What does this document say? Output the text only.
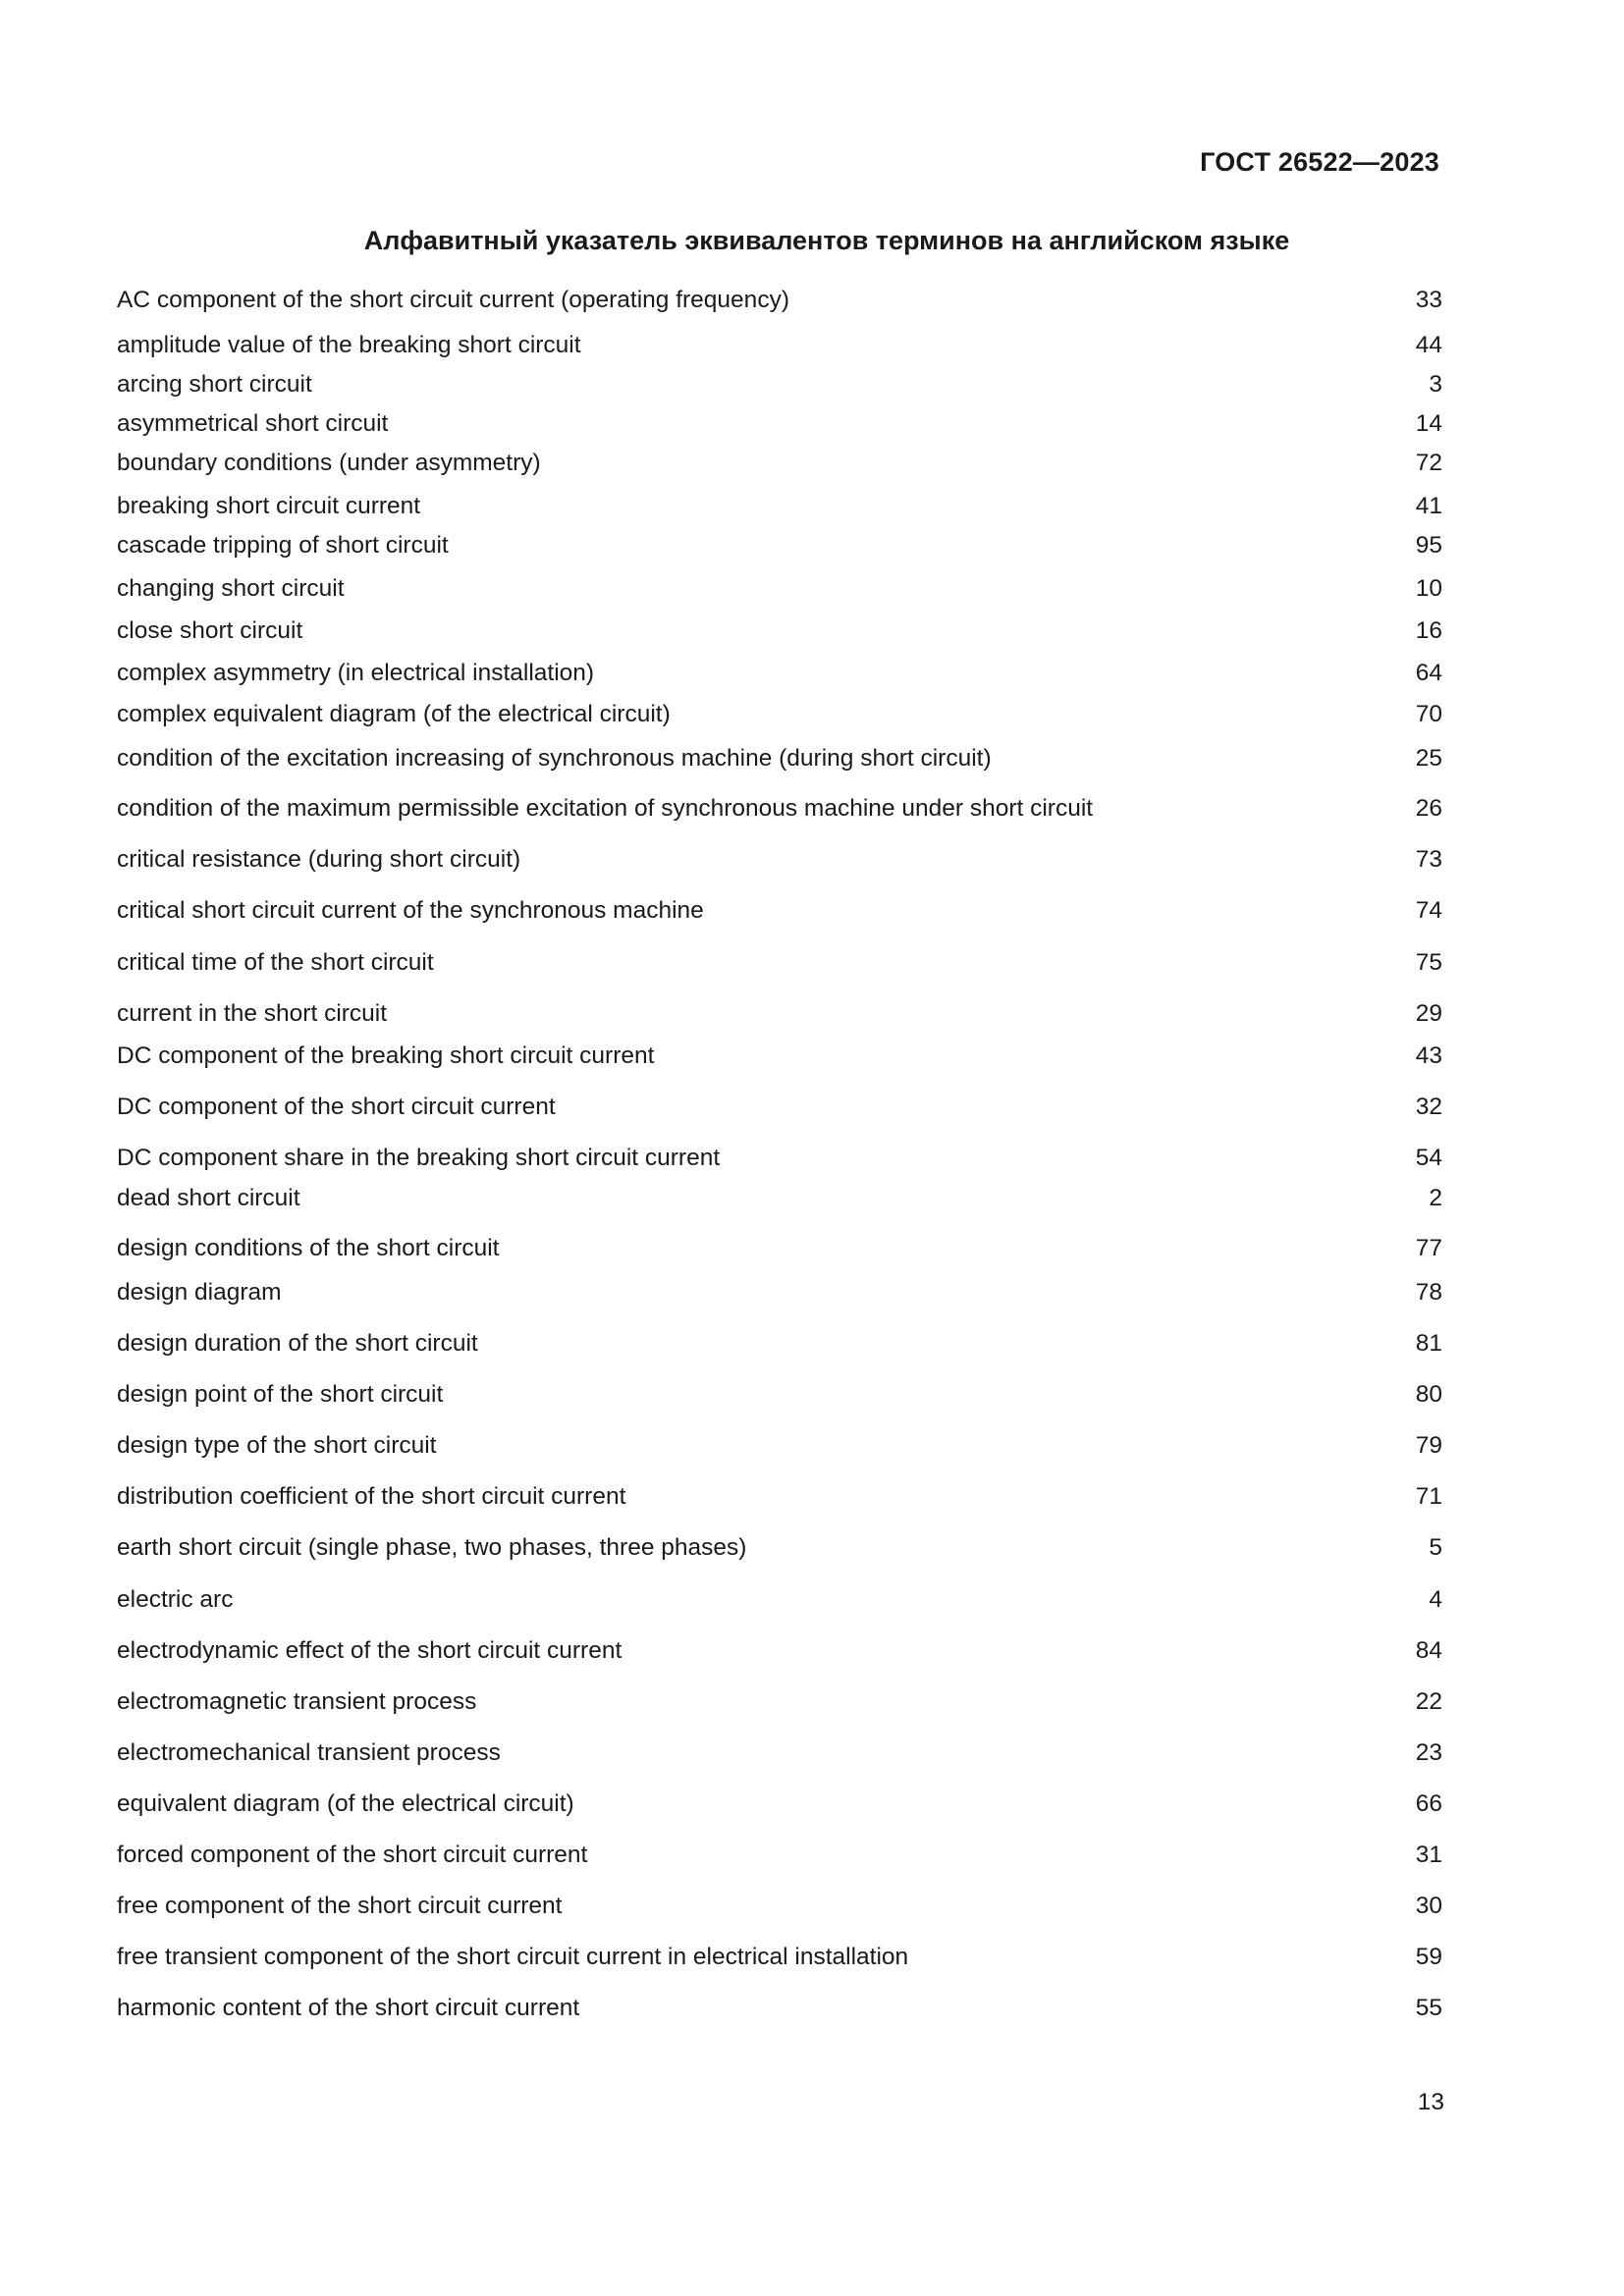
ГОСТ 26522—2023

Алфавитный указатель эквивалентов терминов на английском языке
AC component of the short circuit current (operating frequency)	33
amplitude value of the breaking short circuit	44
arcing short circuit	3
asymmetrical short circuit	14
boundary conditions (under asymmetry)	72
breaking short circuit current	41
cascade tripping of short circuit	95
changing short circuit	10
close short circuit	16
complex asymmetry (in electrical installation)	64
complex equivalent diagram (of the electrical circuit)	70
condition of the excitation increasing of synchronous machine (during short circuit)	25
condition of the maximum permissible excitation of synchronous machine under short circuit	26
critical resistance (during short circuit)	73
critical short circuit current of the synchronous machine	74
critical time of the short circuit	75
current in the short circuit	29
DC component of the breaking short circuit current	43
DC component of the short circuit current	32
DC component share in the breaking short circuit current	54
dead short circuit	2
design conditions of the short circuit	77
design diagram	78
design duration of the short circuit	81
design point of the short circuit	80
design type of the short circuit	79
distribution coefficient of the short circuit current	71
earth short circuit (single phase, two phases, three phases)	5
electric arc	4
electrodynamic effect of the short circuit current	84
electromagnetic transient process	22
electromechanical transient process	23
equivalent diagram (of the electrical circuit)	66
forced component of the short circuit current	31
free component of the short circuit current	30
free transient component of the short circuit current in electrical installation	59
harmonic content of the short circuit current	55

13
